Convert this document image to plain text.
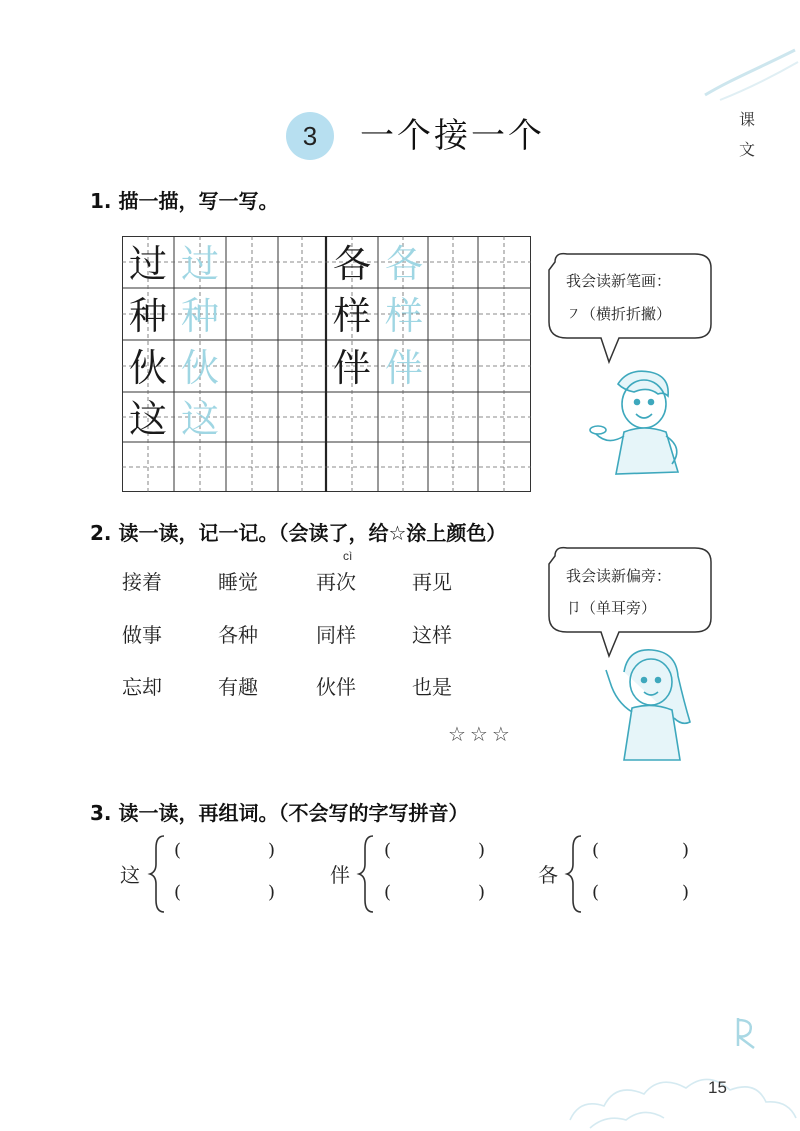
课
文
3	一个接一个
1. 描一描，写一写。
过 过	各 各
种 种	样 样
伙 伙	伴 伴
这 这
我会读新笔画：
㇇（横折折撇）
2. 读一读，记一记。（会读了，给☆涂上颜色）
cì
接着	睡觉	再次	再见
做事	各种	同样	这样
忘却	有趣	伙伴	也是
☆☆☆
我会读新偏旁：
卩（单耳旁）
3. 读一读，再组词。（不会写的字写拼音）
这
(	)
(	)
伴
(	)
(	)
各
(	)
(	)
15
